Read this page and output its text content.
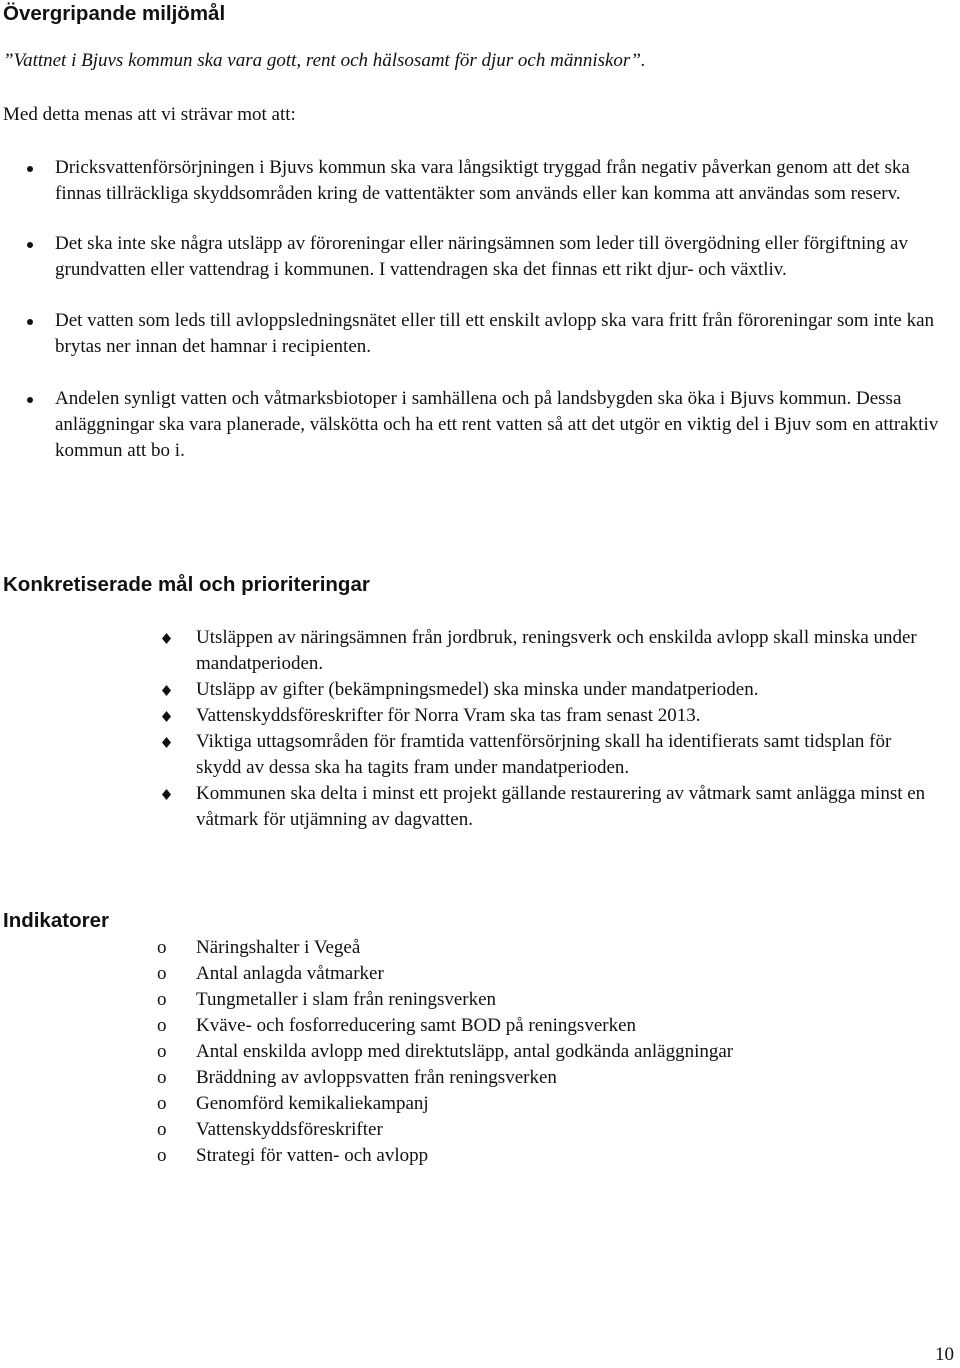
Övergripande miljömål

”Vattnet i Bjuvs kommun ska vara gott, rent och hälsosamt för djur och människor”.

Med detta menas att vi strävar mot att:

Dricksvattenförsörjningen i Bjuvs kommun ska vara långsiktigt tryggad från negativ påverkan genom att det ska finnas tillräckliga skyddsområden kring de vattentäkter som används eller kan komma att användas som reserv.
Det ska inte ske några utsläpp av föroreningar eller näringsämnen som leder till övergödning eller förgiftning av grundvatten eller vattendrag i kommunen. I vattendragen ska det finnas ett rikt djur- och växtliv.
Det vatten som leds till avloppsledningsnätet eller till ett enskilt avlopp ska vara fritt från föroreningar som inte kan brytas ner innan det hamnar i recipienten.
Andelen synligt vatten och våtmarksbiotoper i samhällena och på landsbygden ska öka i Bjuvs kommun. Dessa anläggningar ska vara planerade, välskötta och ha ett rent vatten så att det utgör en viktig del i Bjuv som en attraktiv kommun att bo i.
Konkretiserade mål och prioriteringar
Utsläppen av näringsämnen från jordbruk, reningsverk och enskilda avlopp skall minska under mandatperioden.
Utsläpp av gifter (bekämpningsmedel) ska minska under mandatperioden.
Vattenskyddsföreskrifter för Norra Vram ska tas fram senast 2013.
Viktiga uttagsområden för framtida vattenförsörjning skall ha identifierats samt tidsplan för skydd av dessa ska ha tagits fram under mandatperioden.
Kommunen ska delta i minst ett projekt gällande restaurering av våtmark samt anlägga minst en våtmark för utjämning av dagvatten.
Indikatorer
o Näringshalter i Vegeå
o Antal anlagda våtmarker
o Tungmetaller i slam från reningsverken
o Kväve- och fosforreducering samt BOD på reningsverken
o Antal enskilda avlopp med direktutsläpp, antal godkända anläggningar
o Bräddning av avloppsvatten från reningsverken
o Genomförd kemikaliekampanj
o Vattenskyddsföreskrifter
o Strategi för vatten- och avlopp

10
